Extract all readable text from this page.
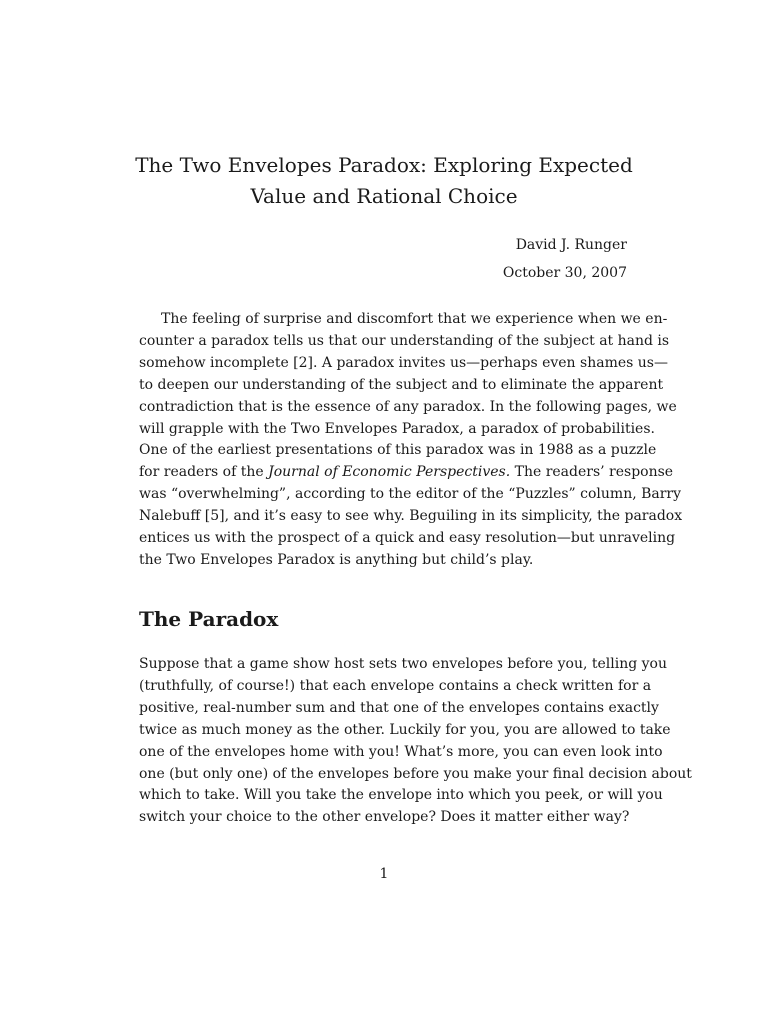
The Two Envelopes Paradox: Exploring Expected
Value and Rational Choice
David J. Runger
October 30, 2007
The feeling of surprise and discomfort that we experience when we en-
counter a paradox tells us that our understanding of the subject at hand is
somehow incomplete [2]. A paradox invites us—perhaps even shames us—
to deepen our understanding of the subject and to eliminate the apparent
contradiction that is the essence of any paradox. In the following pages, we
will grapple with the Two Envelopes Paradox, a paradox of probabilities.
One of the earliest presentations of this paradox was in 1988 as a puzzle
for readers of the Journal of Economic Perspectives. The readers’ response
was “overwhelming”, according to the editor of the “Puzzles” column, Barry
Nalebuff [5], and it’s easy to see why. Beguiling in its simplicity, the paradox
entices us with the prospect of a quick and easy resolution—but unraveling
the Two Envelopes Paradox is anything but child’s play.
The Paradox
Suppose that a game show host sets two envelopes before you, telling you
(truthfully, of course!) that each envelope contains a check written for a
positive, real-number sum and that one of the envelopes contains exactly
twice as much money as the other. Luckily for you, you are allowed to take
one of the envelopes home with you! What’s more, you can even look into
one (but only one) of the envelopes before you make your final decision about
which to take. Will you take the envelope into which you peek, or will you
switch your choice to the other envelope? Does it matter either way?
1
